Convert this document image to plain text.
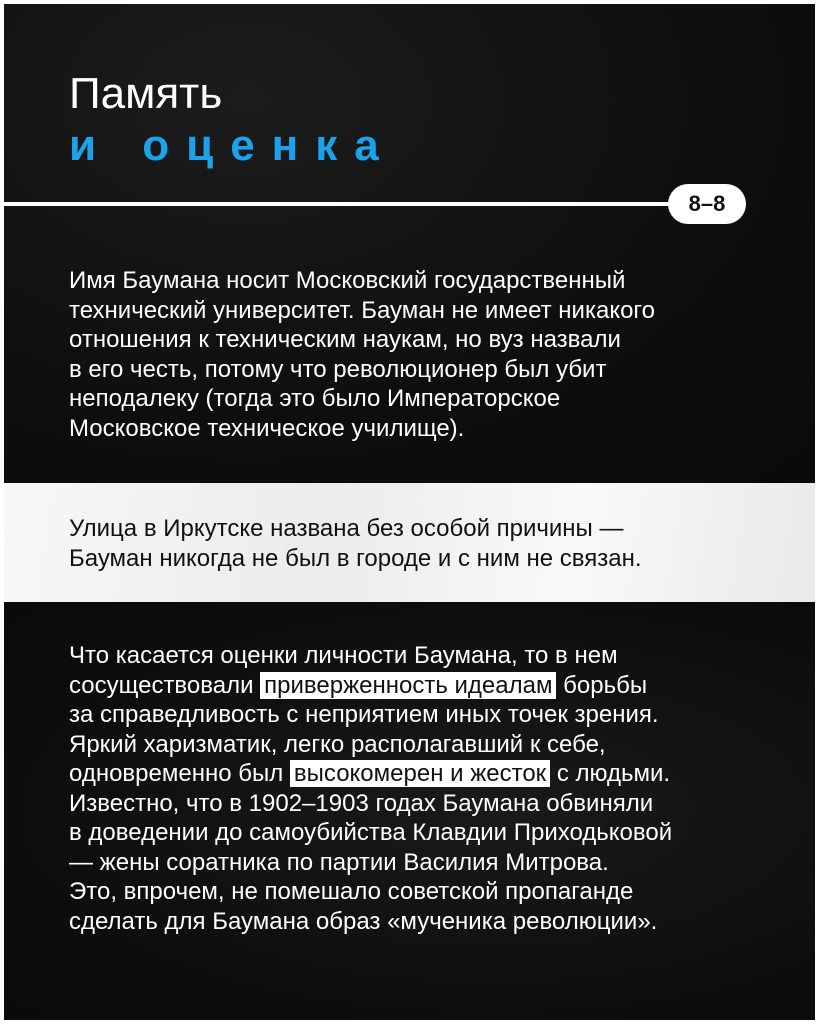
Память
и оценка
8–8

Имя Баумана носит Московский государственный
технический университет. Бауман не имеет никакого
отношения к техническим наукам, но вуз назвали
в его честь, потому что революционер был убит
неподалеку (тогда это было Императорское
Московское техническое училище).

Улица в Иркутске названа без особой причины —
Бауман никогда не был в городе и с ним не связан.

Что касается оценки личности Баумана, то в нем
сосуществовали приверженность идеалам борьбы
за справедливость с неприятием иных точек зрения.
Яркий харизматик, легко располагавший к себе,
одновременно был высокомерен и жесток с людьми.
Известно, что в 1902–1903 годах Баумана обвиняли
в доведении до самоубийства Клавдии Приходьковой
— жены соратника по партии Василия Митрова.
Это, впрочем, не помешало советской пропаганде
сделать для Баумана образ «мученика революции».
